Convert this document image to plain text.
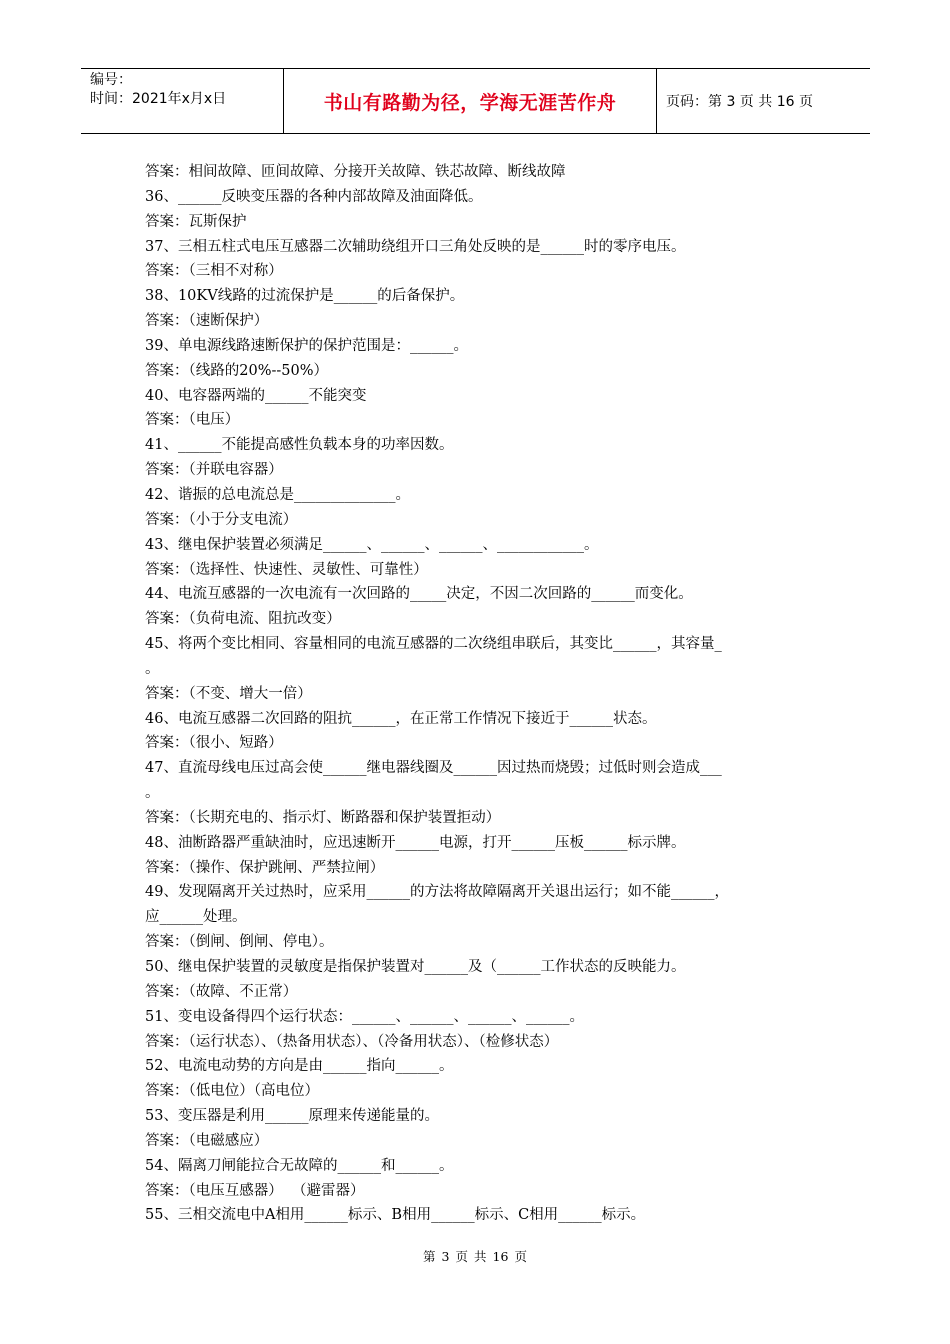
编号：
时间：2021年x月x日	书山有路勤为径，学海无涯苦作舟	页码：第 3 页 共 16 页
答案：相间故障、匝间故障、分接开关故障、铁芯故障、断线故障
36、______反映变压器的各种内部故障及油面降低。
答案：瓦斯保护
37、三相五柱式电压互感器二次辅助绕组开口三角处反映的是______时的零序电压。
答案：（三相不对称）
38、10KV线路的过流保护是______的后备保护。
答案：（速断保护）
39、单电源线路速断保护的保护范围是：______。
答案：（线路的20%--50%）
40、电容器两端的______不能突变
答案：（电压）
41、______不能提高感性负载本身的功率因数。
答案：（并联电容器）
42、谐振的总电流总是______________。
答案：（小于分支电流）
43、继电保护装置必须满足______、______、______、____________。
答案：（选择性、快速性、灵敏性、可靠性）
44、电流互感器的一次电流有一次回路的_____决定，不因二次回路的______而变化。
答案：（负荷电流、阻抗改变）
45、将两个变比相同、容量相同的电流互感器的二次绕组串联后，其变比______，其容量_
。
答案：（不变、增大一倍）
46、电流互感器二次回路的阻抗______，在正常工作情况下接近于______状态。
答案：（很小、短路）
47、直流母线电压过高会使______继电器线圈及______因过热而烧毁；过低时则会造成___
。
答案：（长期充电的、指示灯、断路器和保护装置拒动）
48、油断路器严重缺油时，应迅速断开______电源，打开______压板______标示牌。
答案：（操作、保护跳闸、严禁拉闸）
49、发现隔离开关过热时，应采用______的方法将故障隔离开关退出运行；如不能______，
应______处理。
答案：（倒闸、倒闸、停电）。
50、继电保护装置的灵敏度是指保护装置对______及（______工作状态的反映能力。
答案：（故障、不正常）
51、变电设备得四个运行状态：______、______、______、______。
答案：（运行状态）、（热备用状态）、（冷备用状态）、（检修状态）
52、电流电动势的方向是由______指向______。
答案：（低电位）（高电位）
53、变压器是利用______原理来传递能量的。
答案：（电磁感应）
54、隔离刀闸能拉合无故障的______和______。
答案：（电压互感器）  （避雷器）
55、三相交流电中A相用______标示、B相用______标示、C相用______标示。
第 3 页 共 16 页
